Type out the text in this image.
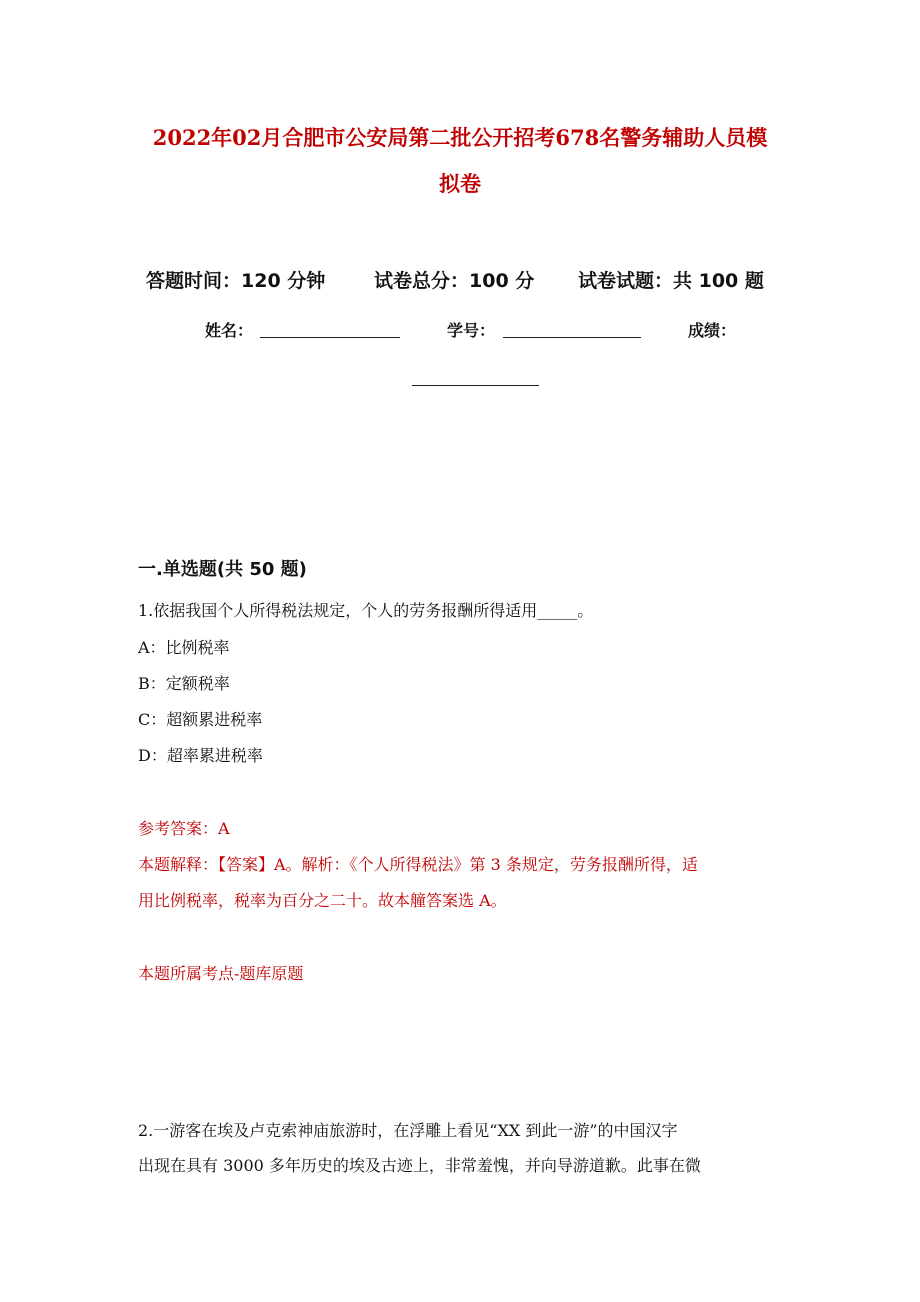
2022年02月合肥市公安局第二批公开招考678名警务辅助人员模
拟卷
答题时间：120 分钟	试卷总分：100 分 试卷试题：共 100 题
姓名：	学号：	成绩：
一.单选题(共 50 题)
1.依据我国个人所得税法规定，个人的劳务报酬所得适用_____。
A：比例税率
B：定额税率
C：超额累进税率
D：超率累进税率
参考答案：A
本题解释：【答案】A。解析：《个人所得税法》第 3 条规定，劳务报酬所得，适
用比例税率，税率为百分之二十。故本艟答案选 A。
本题所属考点-题库原题
2.一游客在埃及卢克索神庙旅游时，在浮雕上看见“XX 到此一游”的中国汉字
出现在具有 3000 多年历史的埃及古迹上，非常羞愧，并向导游道歉。此事在微
